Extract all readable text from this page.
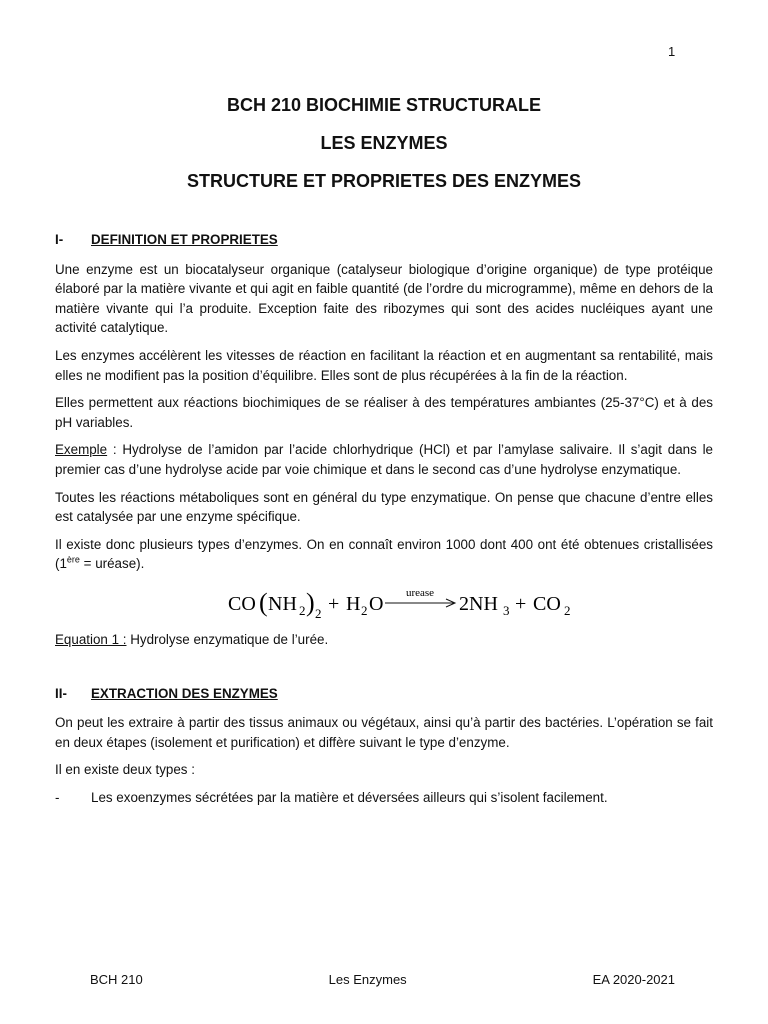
1
BCH 210 BIOCHIMIE STRUCTURALE
LES ENZYMES
STRUCTURE ET PROPRIETES DES ENZYMES
I-	DEFINITION ET PROPRIETES

Une enzyme est un biocatalyseur organique (catalyseur biologique d’origine organique) de type protéique élaboré par la matière vivante et qui agit en faible quantité (de l’ordre du microgramme), même en dehors de la matière vivante qui l’a produite. Exception faite des ribozymes qui sont des acides nucléiques ayant une activité catalytique.

Les enzymes accélèrent les vitesses de réaction en facilitant la réaction et en augmentant sa rentabilité, mais elles ne modifient pas la position d’équilibre. Elles sont de plus récupérées à la fin de la réaction.

Elles permettent aux réactions biochimiques de se réaliser à des températures ambiantes (25-37°C) et à des pH variables.

Exemple : Hydrolyse de l’amidon par l’acide chlorhydrique (HCl) et par l’amylase salivaire. Il s’agit dans le premier cas d’une hydrolyse acide par voie chimique et dans le second cas d’une hydrolyse enzymatique.

Toutes les réactions métaboliques sont en général du type enzymatique. On pense que chacune d’entre elles est catalysée par une enzyme spécifique.

Il existe donc plusieurs types d’enzymes. On en connaît environ 1000 dont 400 ont été obtenues cristallisées (1ère = uréase).

CO ( NH 2 ) 2 + H 2 O urease 2NH 3 + CO 2

Equation 1 : Hydrolyse enzymatique de l’urée.

II-	EXTRACTION DES ENZYMES

On peut les extraire à partir des tissus animaux ou végétaux, ainsi qu’à partir des bactéries. L’opération se fait en deux étapes (isolement et purification) et diffère suivant le type d’enzyme.

Il en existe deux types :

-	Les exoenzymes sécrétées par la matière et déversées ailleurs qui s’isolent facilement.
BCH 210	Les Enzymes	EA 2020-2021
